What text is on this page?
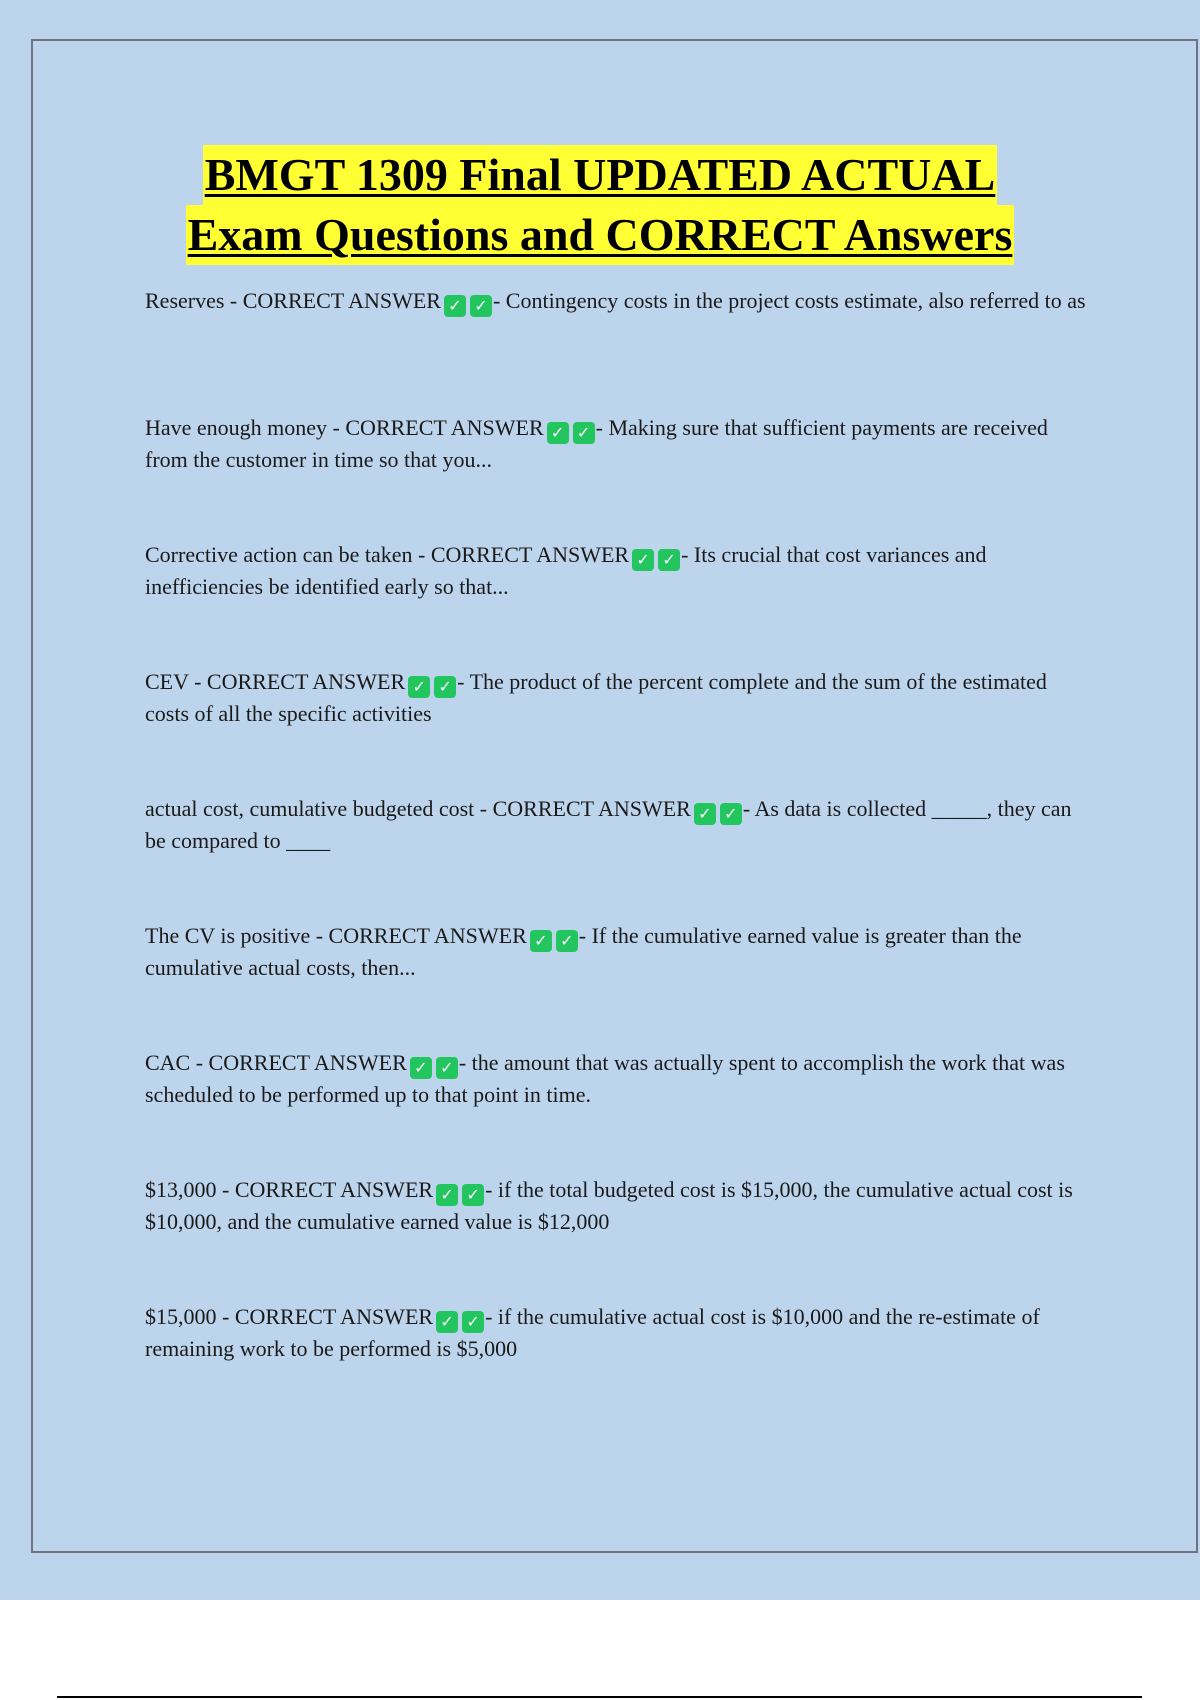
BMGT 1309 Final UPDATED ACTUAL
Exam Questions and CORRECT Answers
Reserves - CORRECT ANSWER ✓ ✓ - Contingency costs in the project costs estimate, also referred to as
Have enough money - CORRECT ANSWER ✓ ✓ - Making sure that sufficient payments are received from the customer in time so that you...
Corrective action can be taken - CORRECT ANSWER ✓ ✓ - Its crucial that cost variances and inefficiencies be identified early so that...
CEV - CORRECT ANSWER ✓ ✓ - The product of the percent complete and the sum of the estimated costs of all the specific activities
actual cost, cumulative budgeted cost - CORRECT ANSWER ✓ ✓ - As data is collected _____, they can be compared to ____
The CV is positive - CORRECT ANSWER ✓ ✓ - If the cumulative earned value is greater than the cumulative actual costs, then...
CAC - CORRECT ANSWER ✓ ✓ - the amount that was actually spent to accomplish the work that was scheduled to be performed up to that point in time.
$13,000 - CORRECT ANSWER ✓ ✓ - if the total budgeted cost is $15,000, the cumulative actual cost is $10,000, and the cumulative earned value is $12,000
$15,000 - CORRECT ANSWER ✓ ✓ - if the cumulative actual cost is $10,000 and the re-estimate of remaining work to be performed is $5,000
